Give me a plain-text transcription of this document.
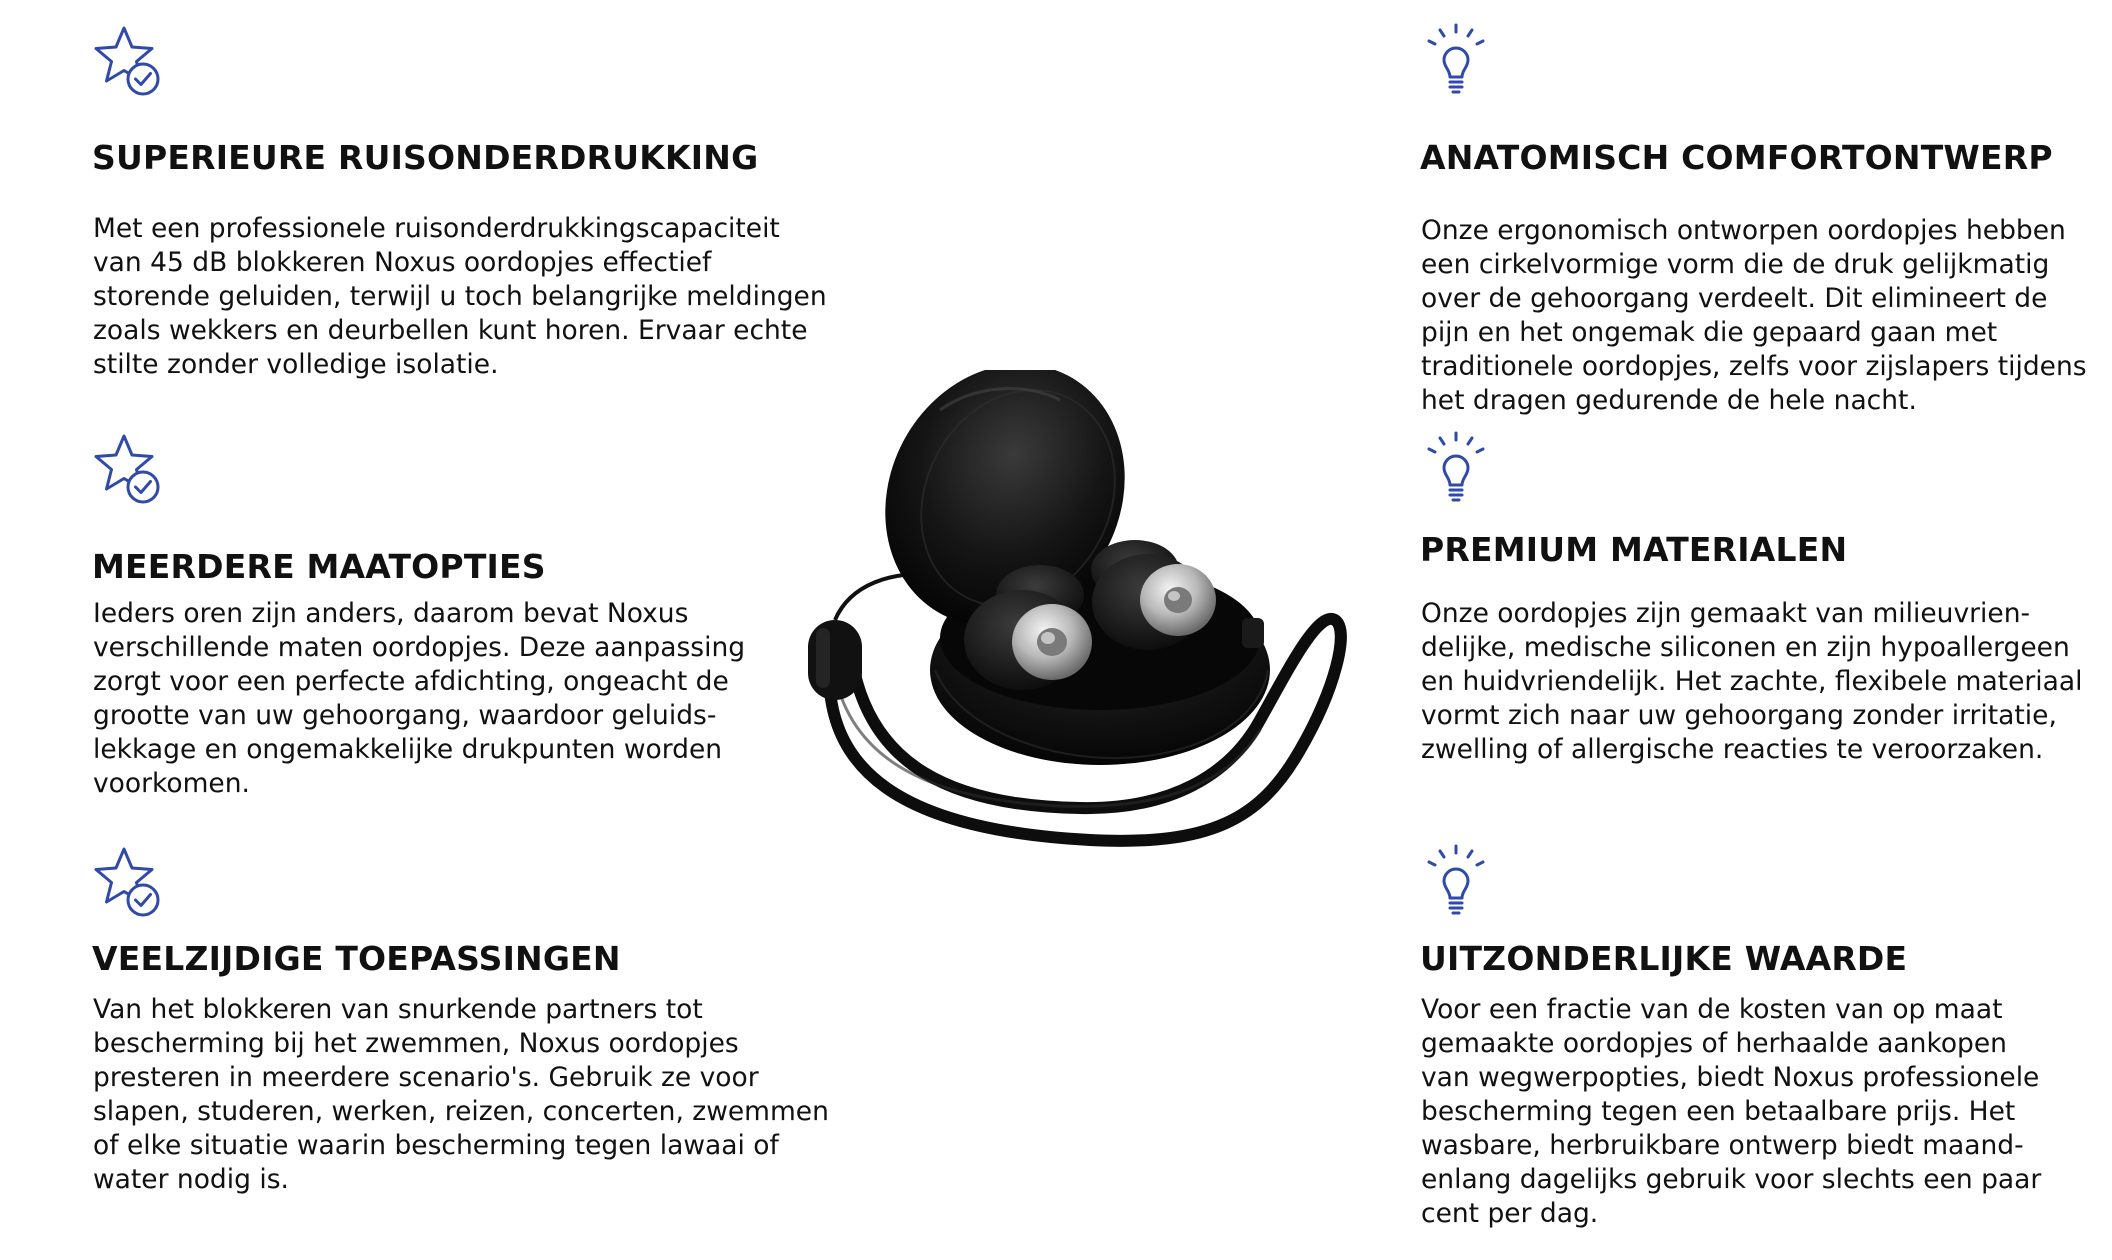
SUPERIEURE RUISONDERDRUKKING
Met een professionele ruisonderdrukkingscapaciteit
van 45 dB blokkeren Noxus oordopjes effectief
storende geluiden, terwijl u toch belangrijke meldingen
zoals wekkers en deurbellen kunt horen. Ervaar echte
stilte zonder volledige isolatie.
MEERDERE MAATOPTIES
Ieders oren zijn anders, daarom bevat Noxus
verschillende maten oordopjes. Deze aanpassing
zorgt voor een perfecte afdichting, ongeacht de
grootte van uw gehoorgang, waardoor geluids-
lekkage en ongemakkelijke drukpunten worden
voorkomen.
VEELZIJDIGE TOEPASSINGEN
Van het blokkeren van snurkende partners tot
bescherming bij het zwemmen, Noxus oordopjes
presteren in meerdere scenario's. Gebruik ze voor
slapen, studeren, werken, reizen, concerten, zwemmen
of elke situatie waarin bescherming tegen lawaai of
water nodig is.
ANATOMISCH COMFORTONTWERP
Onze ergonomisch ontworpen oordopjes hebben
een cirkelvormige vorm die de druk gelijkmatig
over de gehoorgang verdeelt. Dit elimineert de
pijn en het ongemak die gepaard gaan met
traditionele oordopjes, zelfs voor zijslapers tijdens
het dragen gedurende de hele nacht.
PREMIUM MATERIALEN
Onze oordopjes zijn gemaakt van milieuvrien-
delijke, medische siliconen en zijn hypoallergeen
en huidvriendelijk. Het zachte, flexibele materiaal
vormt zich naar uw gehoorgang zonder irritatie,
zwelling of allergische reacties te veroorzaken.
UITZONDERLIJKE WAARDE
Voor een fractie van de kosten van op maat
gemaakte oordopjes of herhaalde aankopen
van wegwerpopties, biedt Noxus professionele
bescherming tegen een betaalbare prijs. Het
wasbare, herbruikbare ontwerp biedt maand-
enlang dagelijks gebruik voor slechts een paar
cent per dag.
